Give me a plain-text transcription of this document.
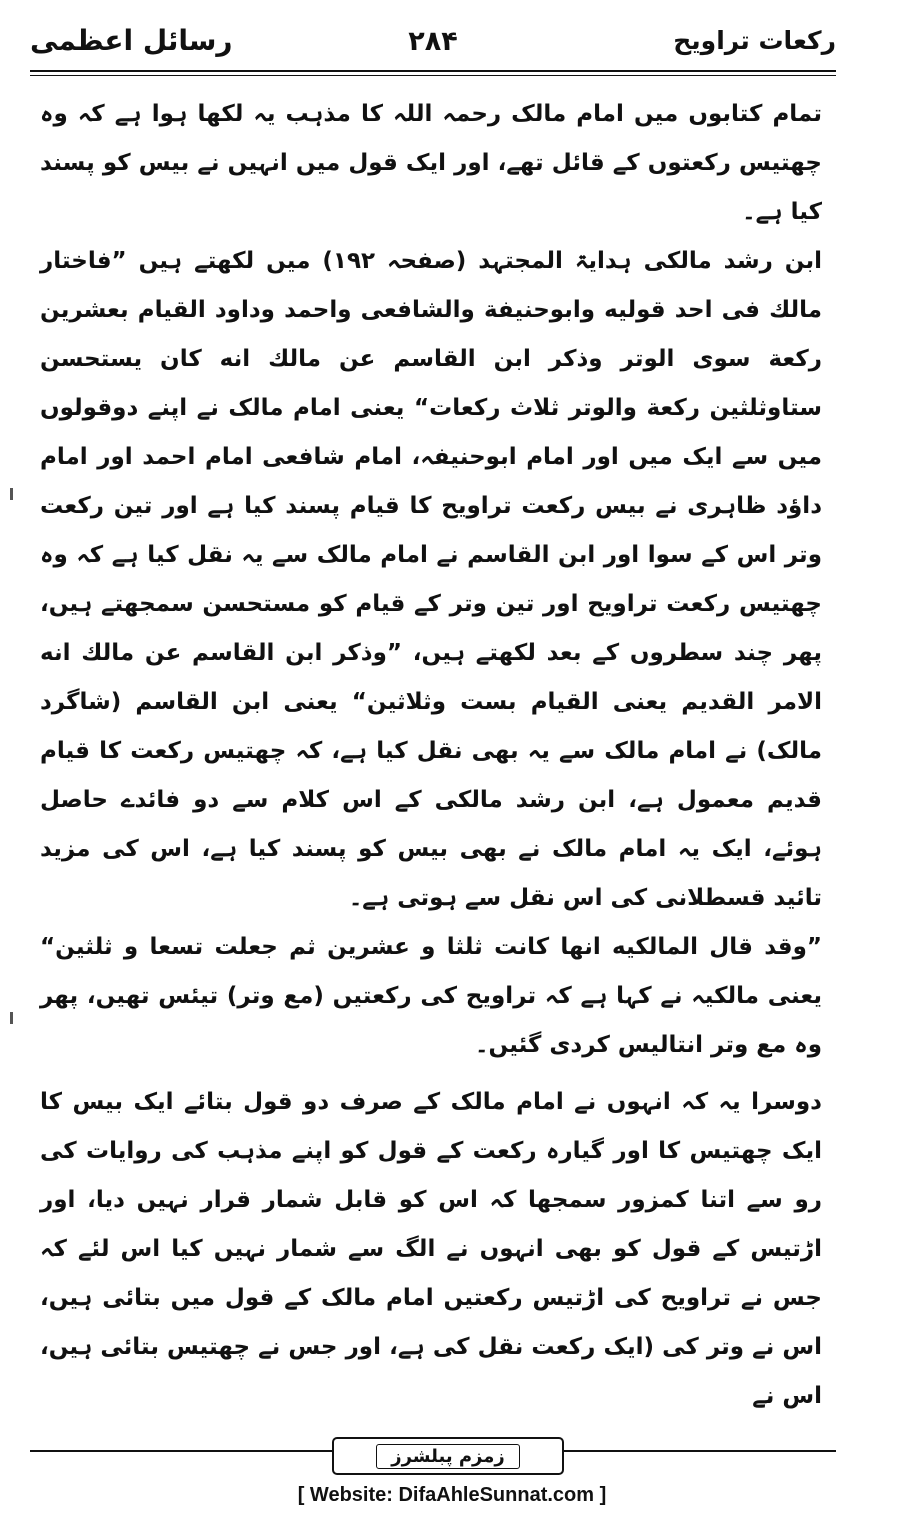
رکعات تراویح
۲۸۴
رسائل اعظمی

تمام کتابوں میں امام مالک رحمہ اللہ کا مذہب یہ لکھا ہوا ہے کہ وہ چھتیس رکعتوں کے قائل تھے، اور ایک قول میں انہیں نے بیس کو پسند کیا ہے۔

ابن رشد مالکی ہدایۃ المجتہد (صفحہ ۱۹۲) میں لکھتے ہیں ”فاختار مالك فی احد قوليه وابوحنيفة والشافعی واحمد وداود القيام بعشرين ركعة سوی الوتر وذكر ابن القاسم عن مالك انه كان يستحسن ستاوثلثين ركعة والوتر ثلاث ركعات“ یعنی امام مالک نے اپنے دوقولوں میں سے ایک میں اور امام ابوحنیفہ، امام شافعی امام احمد اور امام داؤد ظاہری نے بیس رکعت تراویح کا قیام پسند کیا ہے اور تین رکعت وتر اس کے سوا اور ابن القاسم نے امام مالک سے یہ نقل کیا ہے کہ وہ چھتیس رکعت تراویح اور تین وتر کے قیام کو مستحسن سمجھتے ہیں، پھر چند سطروں کے بعد لکھتے ہیں، ”وذكر ابن القاسم عن مالك انه الامر القديم يعنی القيام بست وثلاثين“ یعنی ابن القاسم (شاگرد مالک) نے امام مالک سے یہ بھی نقل کیا ہے، کہ چھتیس رکعت کا قیام قدیم معمول ہے، ابن رشد مالکی کے اس کلام سے دو فائدے حاصل ہوئے، ایک یہ امام مالک نے بھی بیس کو پسند کیا ہے، اس کی مزید تائید قسطلانی کی اس نقل سے ہوتی ہے۔

”وقد قال المالكيه انها كانت ثلثا و عشرين ثم جعلت تسعا و ثلثين“ یعنی مالکیہ نے کہا ہے کہ تراویح کی رکعتیں (مع وتر) تیئس تھیں، پھر وہ مع وتر انتالیس کردی گئیں۔

دوسرا یہ کہ انہوں نے امام مالک کے صرف دو قول بتائے ایک بیس کا ایک چھتیس کا اور گیارہ رکعت کے قول کو اپنے مذہب کی روایات کی رو سے اتنا کمزور سمجھا کہ اس کو قابل شمار قرار نہیں دیا، اور اڑتیس کے قول کو بھی انہوں نے الگ سے شمار نہیں کیا اس لئے کہ جس نے تراویح کی اڑتیس رکعتیں امام مالک کے قول میں بتائی ہیں، اس نے وتر کی (ایک رکعت نقل کی ہے، اور جس نے چھتیس بتائی ہیں، اس نے

زمزم پبلشرز
[ Website: DifaAhleSunnat.com ]
